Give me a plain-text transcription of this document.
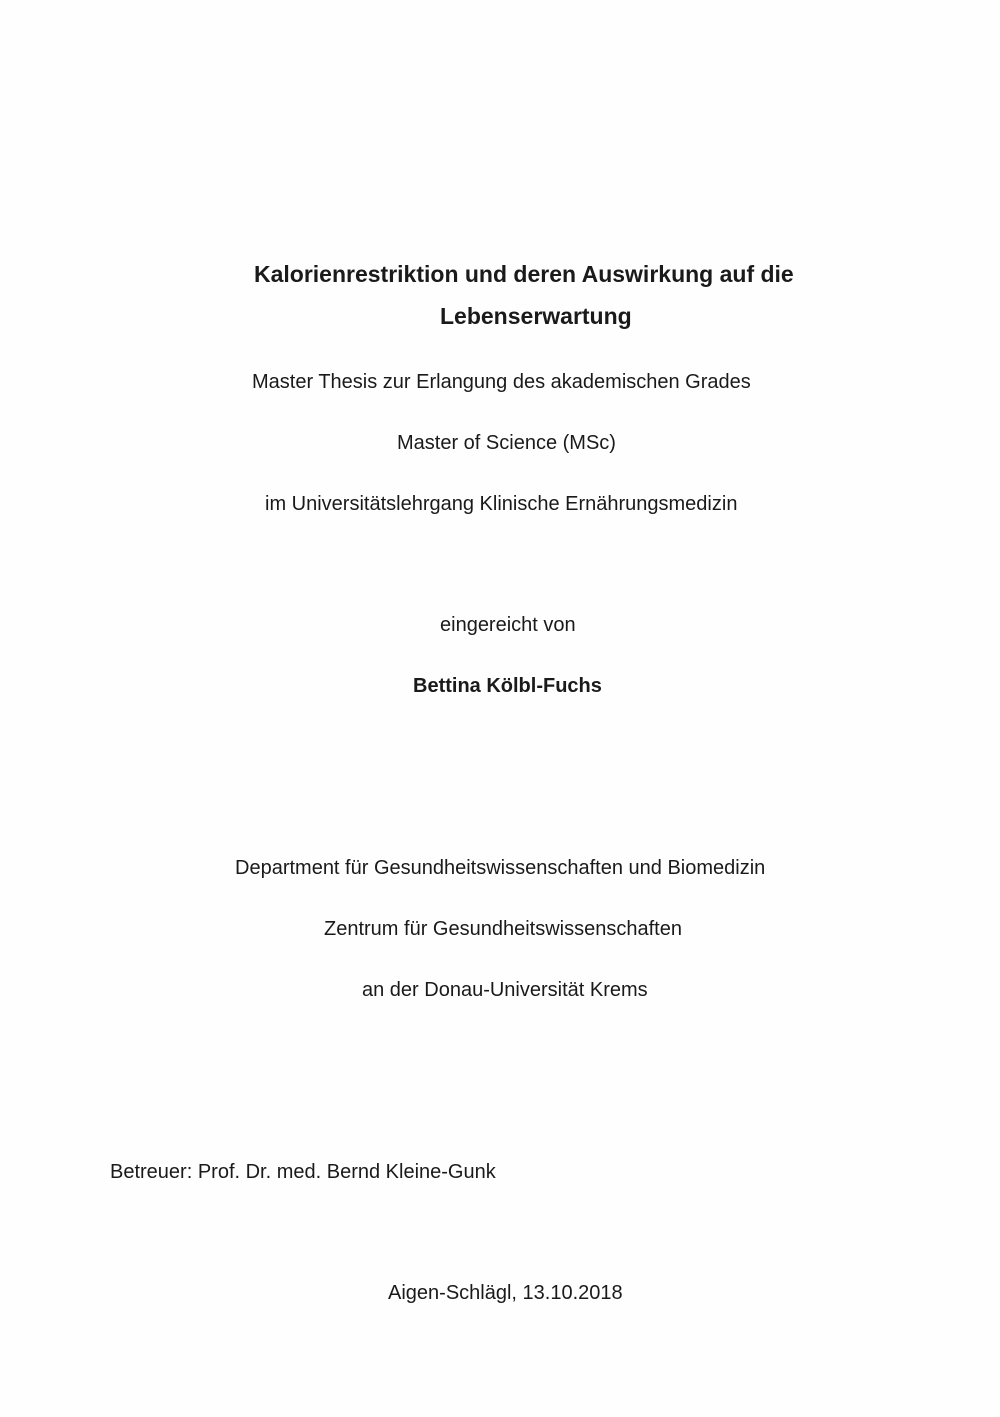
Kalorienrestriktion und deren Auswirkung auf die
Lebenserwartung
Master Thesis zur Erlangung des akademischen Grades
Master of Science (MSc)
im Universitätslehrgang Klinische Ernährungsmedizin
eingereicht von
Bettina Kölbl-Fuchs
Department für Gesundheitswissenschaften und Biomedizin
Zentrum für Gesundheitswissenschaften
an der Donau-Universität Krems
Betreuer: Prof. Dr. med. Bernd Kleine-Gunk
Aigen-Schlägl, 13.10.2018
